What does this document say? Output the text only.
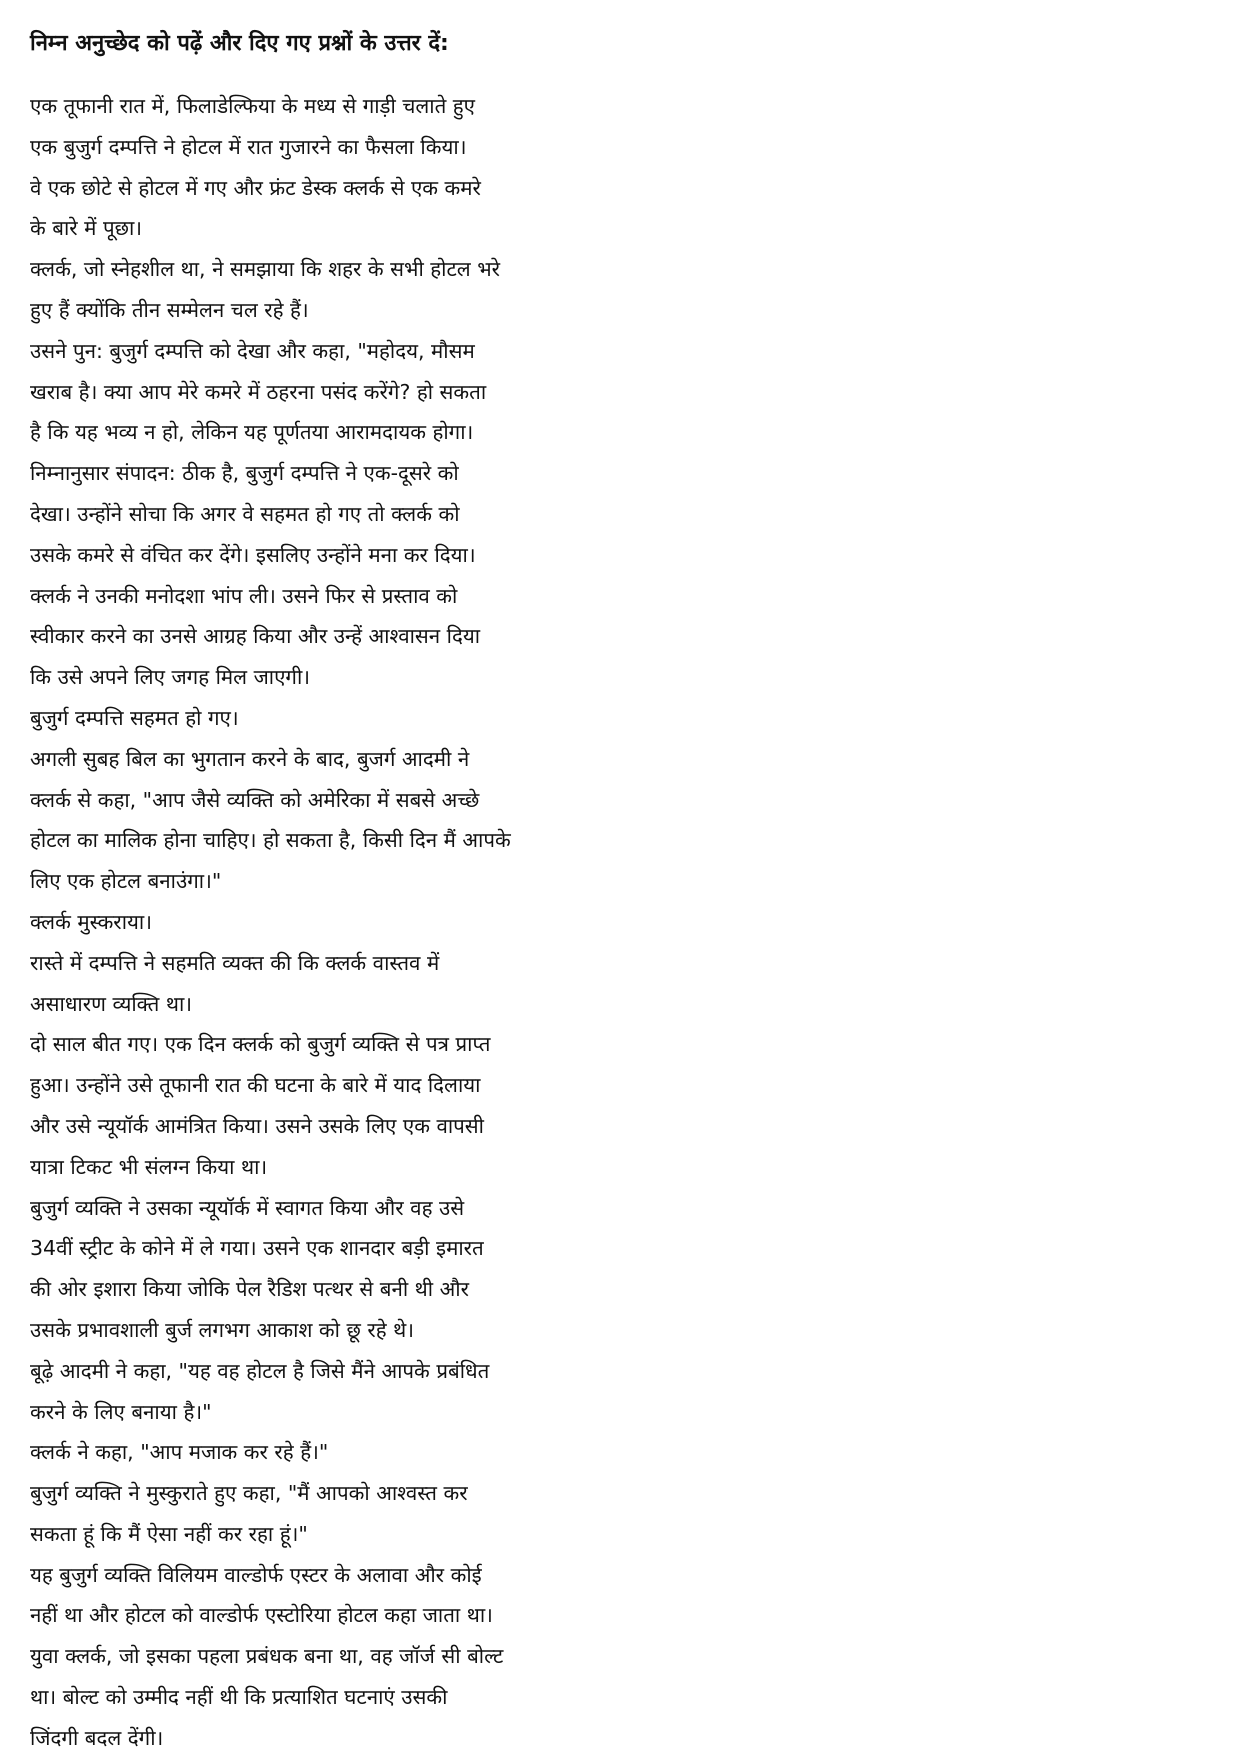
निम्न अनुच्छेद को पढ़ें और दिए गए प्रश्नों के उत्तर दें:
एक तूफानी रात में, फिलाडेल्फिया के मध्य से गाड़ी चलाते हुए
एक बुजुर्ग दम्पत्ति ने होटल में रात गुजारने का फैसला किया।
वे एक छोटे से होटल में गए और फ्रंट डेस्क क्लर्क से एक कमरे
के बारे में पूछा।
क्लर्क, जो स्नेहशील था, ने समझाया कि शहर के सभी होटल भरे
हुए हैं क्योंकि तीन सम्मेलन चल रहे हैं।
उसने पुन: बुजुर्ग दम्पत्ति को देखा और कहा, "महोदय, मौसम
खराब है। क्या आप मेरे कमरे में ठहरना पसंद करेंगे? हो सकता
है कि यह भव्य न हो, लेकिन यह पूर्णतया आरामदायक होगा।
निम्नानुसार संपादन: ठीक है, बुजुर्ग दम्पत्ति ने एक-दूसरे को
देखा। उन्होंने सोचा कि अगर वे सहमत हो गए तो क्लर्क को
उसके कमरे से वंचित कर देंगे। इसलिए उन्होंने मना कर दिया।
क्लर्क ने उनकी मनोदशा भांप ली। उसने फिर से प्रस्ताव को
स्वीकार करने का उनसे आग्रह किया और उन्हें आश्वासन दिया
कि उसे अपने लिए जगह मिल जाएगी।
बुजुर्ग दम्पत्ति सहमत हो गए।
अगली सुबह बिल का भुगतान करने के बाद, बुजर्ग आदमी ने
क्लर्क से कहा, "आप जैसे व्यक्ति को अमेरिका में सबसे अच्छे
होटल का मालिक होना चाहिए। हो सकता है, किसी दिन मैं आपके
लिए एक होटल बनाउंगा।"
क्लर्क मुस्कराया।
रास्ते में दम्पत्ति ने सहमति व्यक्त की कि क्लर्क वास्तव में
असाधारण व्यक्ति था।
दो साल बीत गए। एक दिन क्लर्क को बुजुर्ग व्यक्ति से पत्र प्राप्त
हुआ। उन्होंने उसे तूफानी रात की घटना के बारे में याद दिलाया
और उसे न्यूयॉर्क आमंत्रित किया। उसने उसके लिए एक वापसी
यात्रा टिकट भी संलग्न किया था।
बुजुर्ग व्यक्ति ने उसका न्यूयॉर्क में स्वागत किया और वह उसे
34वीं स्ट्रीट के कोने में ले गया। उसने एक शानदार बड़ी इमारत
की ओर इशारा किया जोकि पेल रैडिश पत्थर से बनी थी और
उसके प्रभावशाली बुर्ज लगभग आकाश को छू रहे थे।
बूढ़े आदमी ने कहा, "यह वह होटल है जिसे मैंने आपके प्रबंधित
करने के लिए बनाया है।"
क्लर्क ने कहा, "आप मजाक कर रहे हैं।"
बुजुर्ग व्यक्ति ने मुस्कुराते हुए कहा, "मैं आपको आश्वस्त कर
सकता हूं कि मैं ऐसा नहीं कर रहा हूं।"
यह बुजुर्ग व्यक्ति विलियम वाल्डोर्फ एस्टर के अलावा और कोई
नहीं था और होटल को वाल्डोर्फ एस्टोरिया होटल कहा जाता था।
युवा क्लर्क, जो इसका पहला प्रबंधक बना था, वह जॉर्ज सी बोल्ट
था। बोल्ट को उम्मीद नहीं थी कि प्रत्याशित घटनाएं उसकी
जिंदगी बदल देंगी।
